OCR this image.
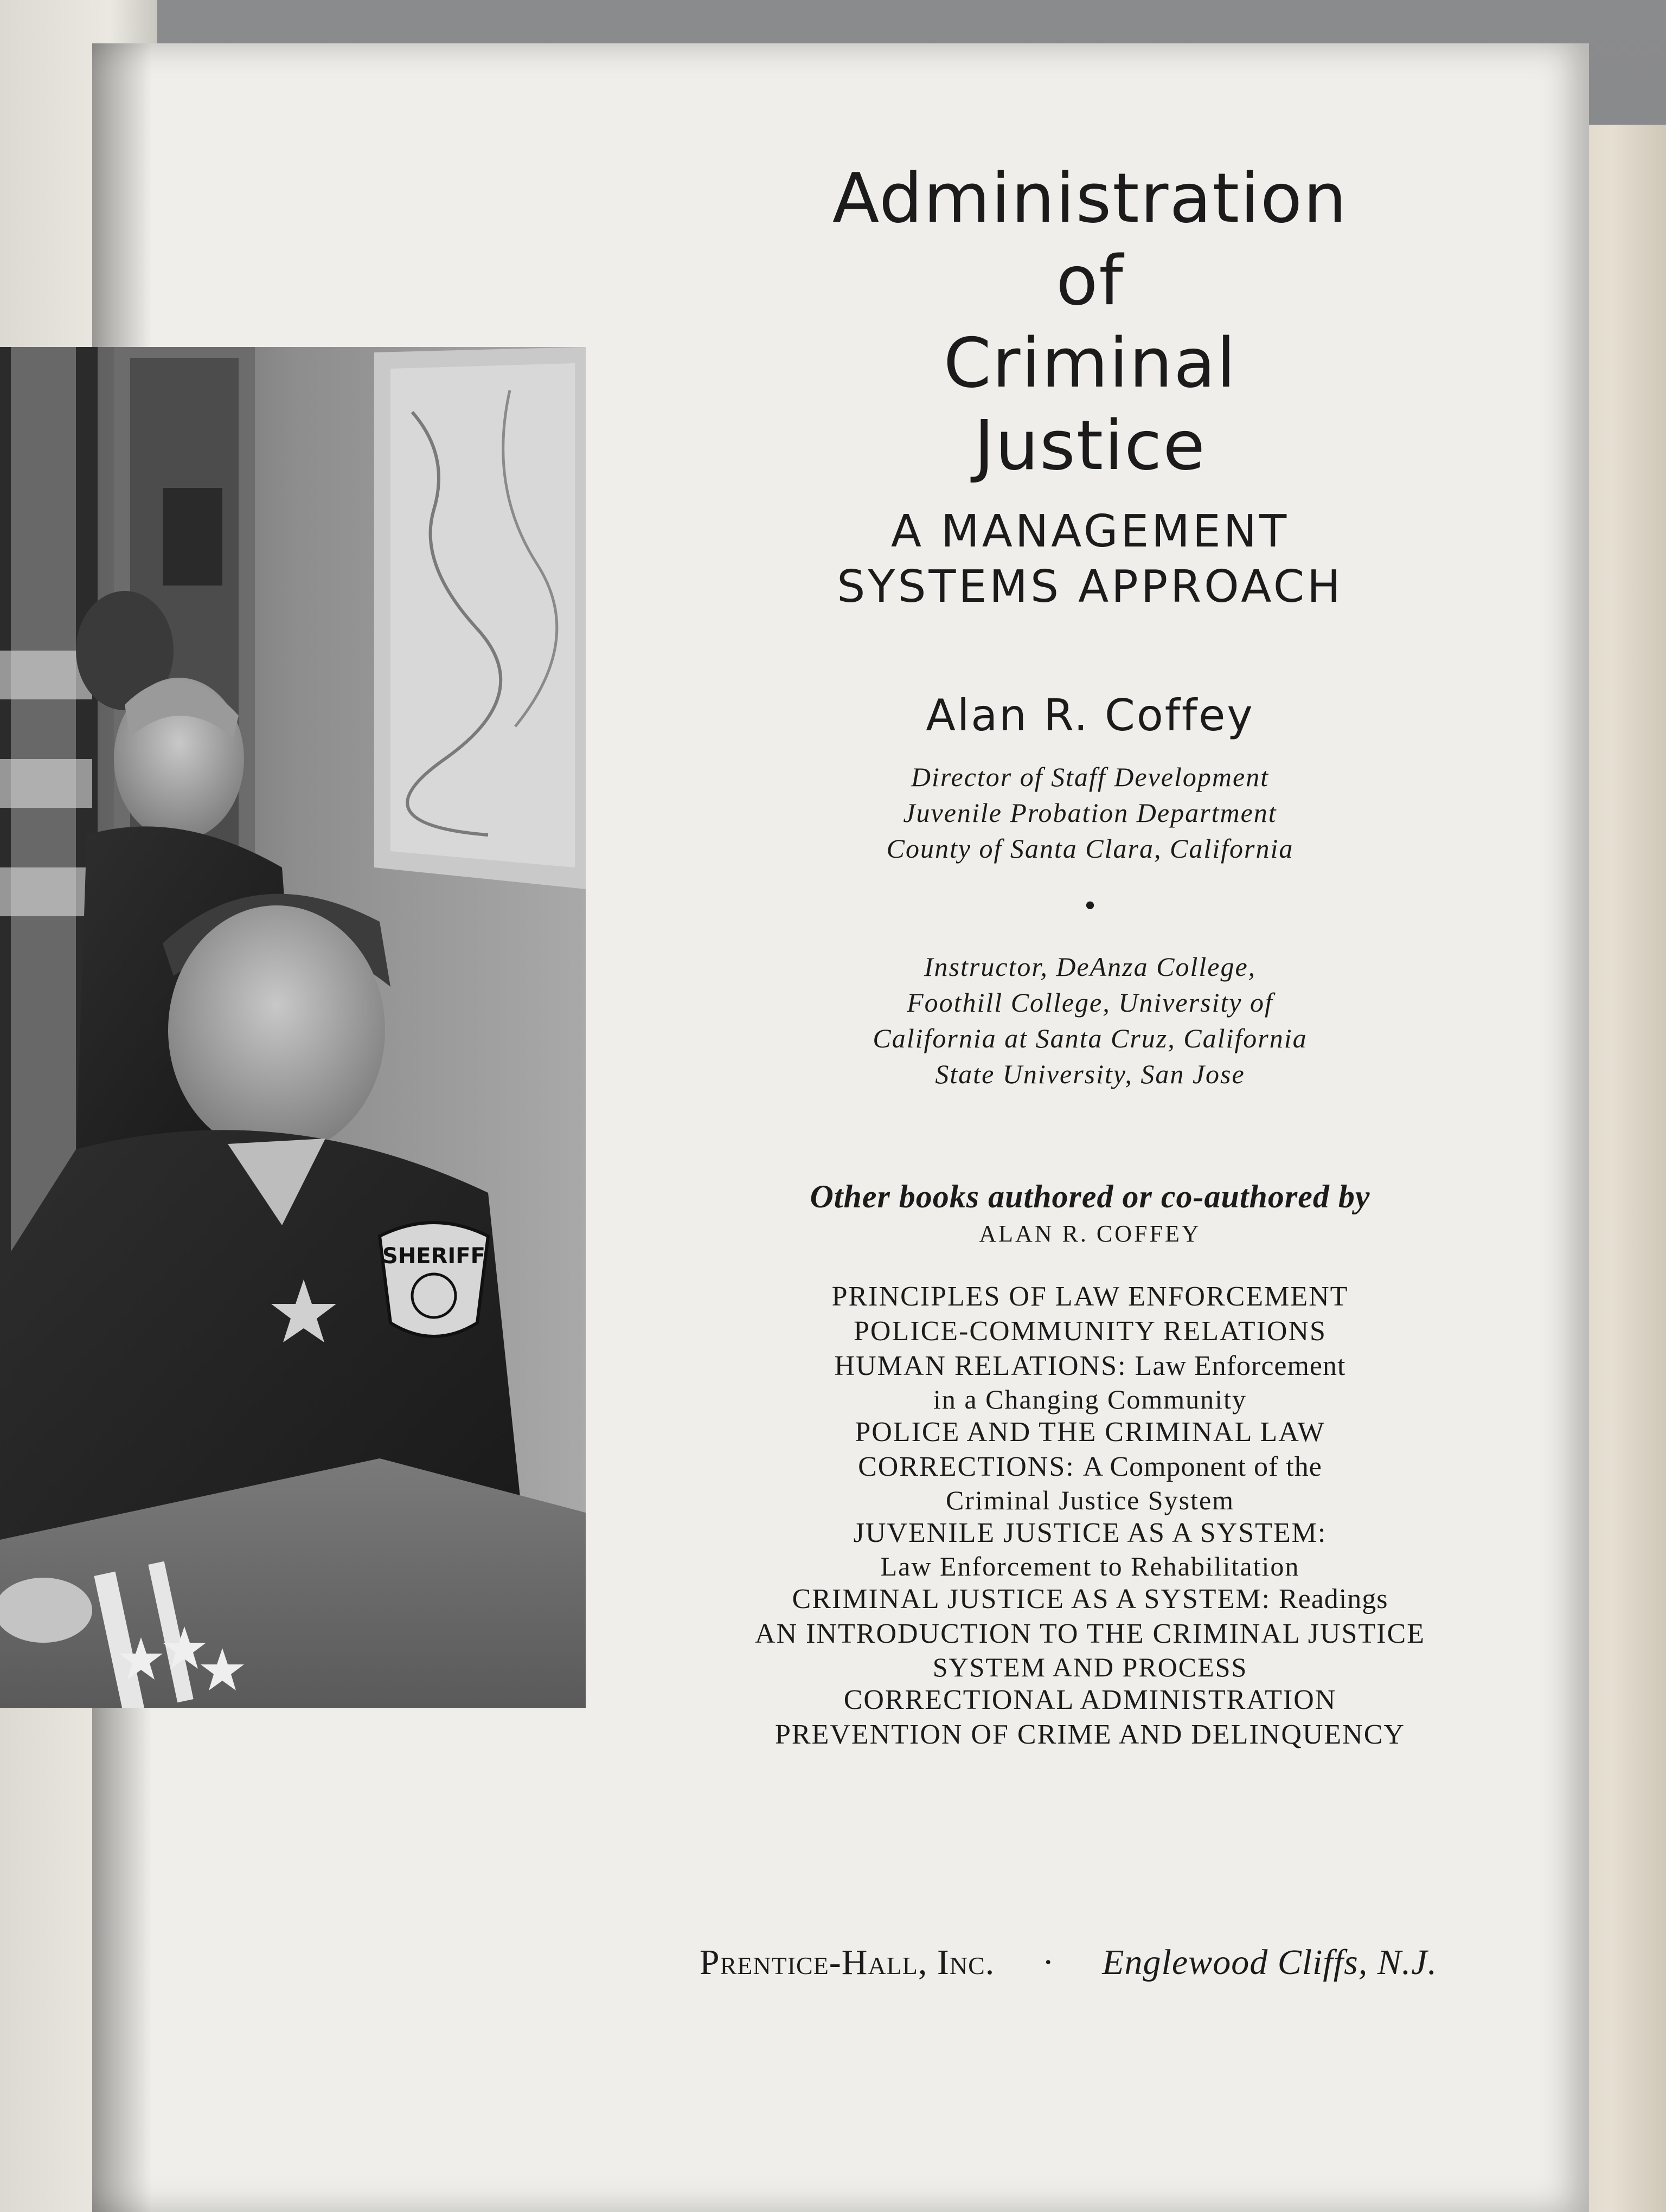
SHERIFF
Administration
of
Criminal
Justice
A MANAGEMENT
SYSTEMS APPROACH
Alan R. Coffey
Director of Staff Development
Juvenile Probation Department
County of Santa Clara, California
•
Instructor, DeAnza College,
Foothill College, University of
California at Santa Cruz, California
State University, San Jose
Other books authored or co-authored by
ALAN R. COFFEY

PRINCIPLES OF LAW ENFORCEMENT

POLICE-COMMUNITY RELATIONS

HUMAN RELATIONS: Law Enforcement
in a Changing Community

POLICE AND THE CRIMINAL LAW

CORRECTIONS: A Component of the
Criminal Justice System

JUVENILE JUSTICE AS A SYSTEM:
Law Enforcement to Rehabilitation

CRIMINAL JUSTICE AS A SYSTEM: Readings

AN INTRODUCTION TO THE CRIMINAL JUSTICE
SYSTEM AND PROCESS

CORRECTIONAL ADMINISTRATION

PREVENTION OF CRIME AND DELINQUENCY

Prentice-Hall, Inc. · Englewood Cliffs, N.J.
